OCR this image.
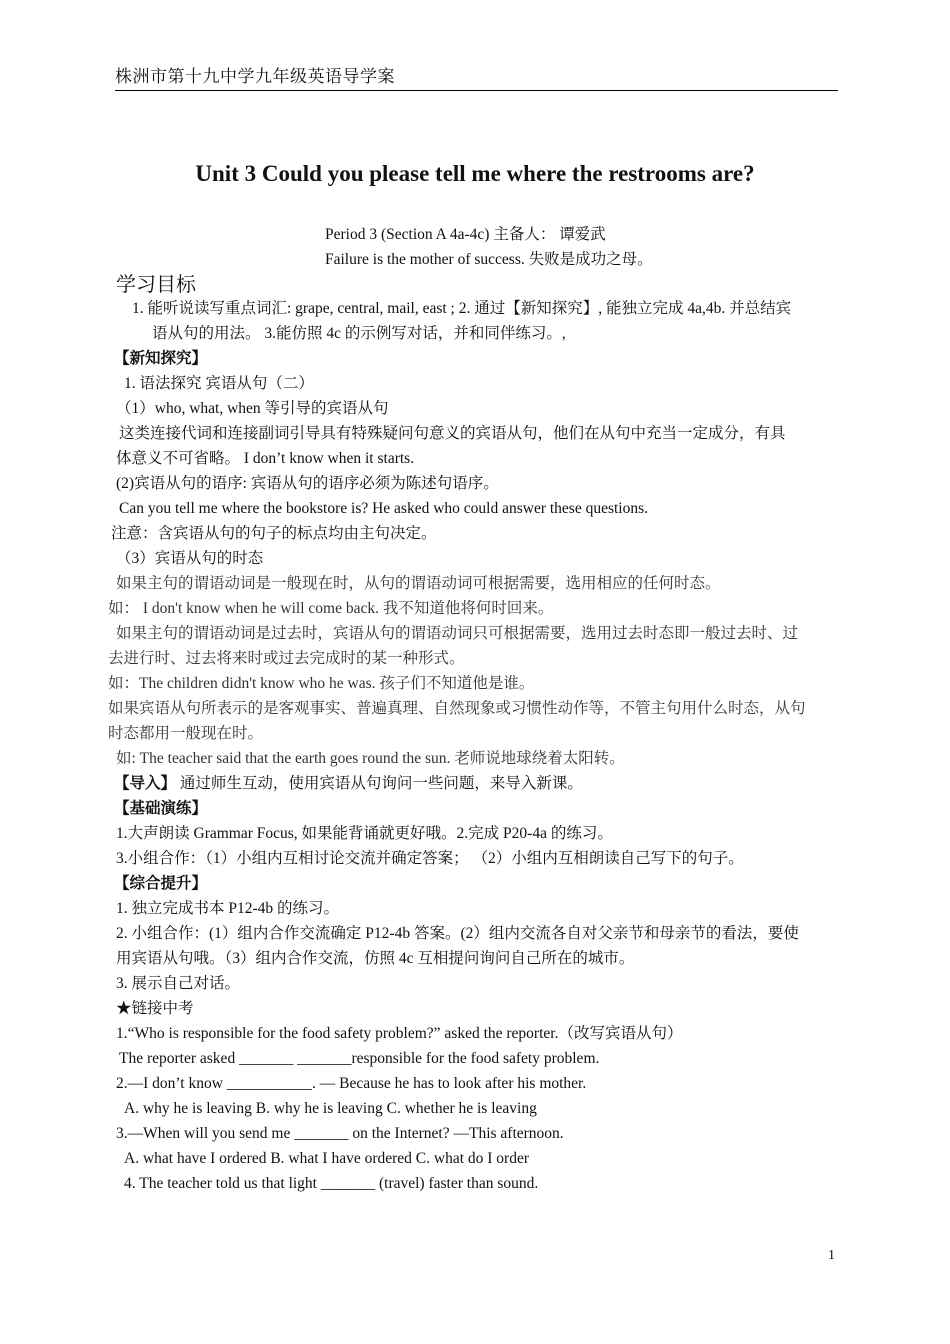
株洲市第十九中学九年级英语导学案
Unit 3 Could you please tell me where the restrooms are?
Period 3 (Section A 4a-4c) 主备人： 谭爱武
Failure is the mother of success. 失败是成功之母。
学习目标
1. 能听说读写重点词汇: grape, central, mail, east ; 2. 通过【新知探究】, 能独立完成 4a,4b. 并总结宾
语从句的用法。 3.能仿照 4c 的示例写对话，并和同伴练习。,
【新知探究】
1. 语法探究 宾语从句（二）
（1）who, what, when 等引导的宾语从句
这类连接代词和连接副词引导具有特殊疑问句意义的宾语从句，他们在从句中充当一定成分，有具
体意义不可省略。 I don’t know when it starts.
(2)宾语从句的语序: 宾语从句的语序必须为陈述句语序。
Can you tell me where the bookstore is? He asked who could answer these questions.
注意：含宾语从句的句子的标点均由主句决定。
（3）宾语从句的时态
如果主句的谓语动词是一般现在时，从句的谓语动词可根据需要，选用相应的任何时态。
如： I don't know when he will come back. 我不知道他将何时回来。
如果主句的谓语动词是过去时，宾语从句的谓语动词只可根据需要，选用过去时态即一般过去时、过
去进行时、过去将来时或过去完成时的某一种形式。
如：The children didn't know who he was. 孩子们不知道他是谁。
如果宾语从句所表示的是客观事实、普遍真理、自然现象或习惯性动作等，不管主句用什么时态，从句
时态都用一般现在时。
如: The teacher said that the earth goes round the sun. 老师说地球绕着太阳转。
【导入】 通过师生互动，使用宾语从句询问一些问题，来导入新课。
【基础演练】
1.大声朗读 Grammar Focus, 如果能背诵就更好哦。2.完成 P20-4a 的练习。
3.小组合作：（1）小组内互相讨论交流并确定答案； （2）小组内互相朗读自己写下的句子。
【综合提升】
1. 独立完成书本 P12-4b 的练习。
2. 小组合作：(1）组内合作交流确定 P12-4b 答案。(2）组内交流各自对父亲节和母亲节的看法，要使
用宾语从句哦。（3）组内合作交流，仿照 4c 互相提问询问自己所在的城市。
3. 展示自己对话。
★链接中考
1.“Who is responsible for the food safety problem?” asked the reporter.（改写宾语从句）
The reporter asked _______ _______responsible for the food safety problem.
2.—I don’t know ___________. — Because he has to look after his mother.
A. why he is leaving B. why he is leaving C. whether he is leaving
3.—When will you send me _______ on the Internet? —This afternoon.
A. what have I ordered B. what I have ordered C. what do I order
4. The teacher told us that light _______ (travel) faster than sound.
1
